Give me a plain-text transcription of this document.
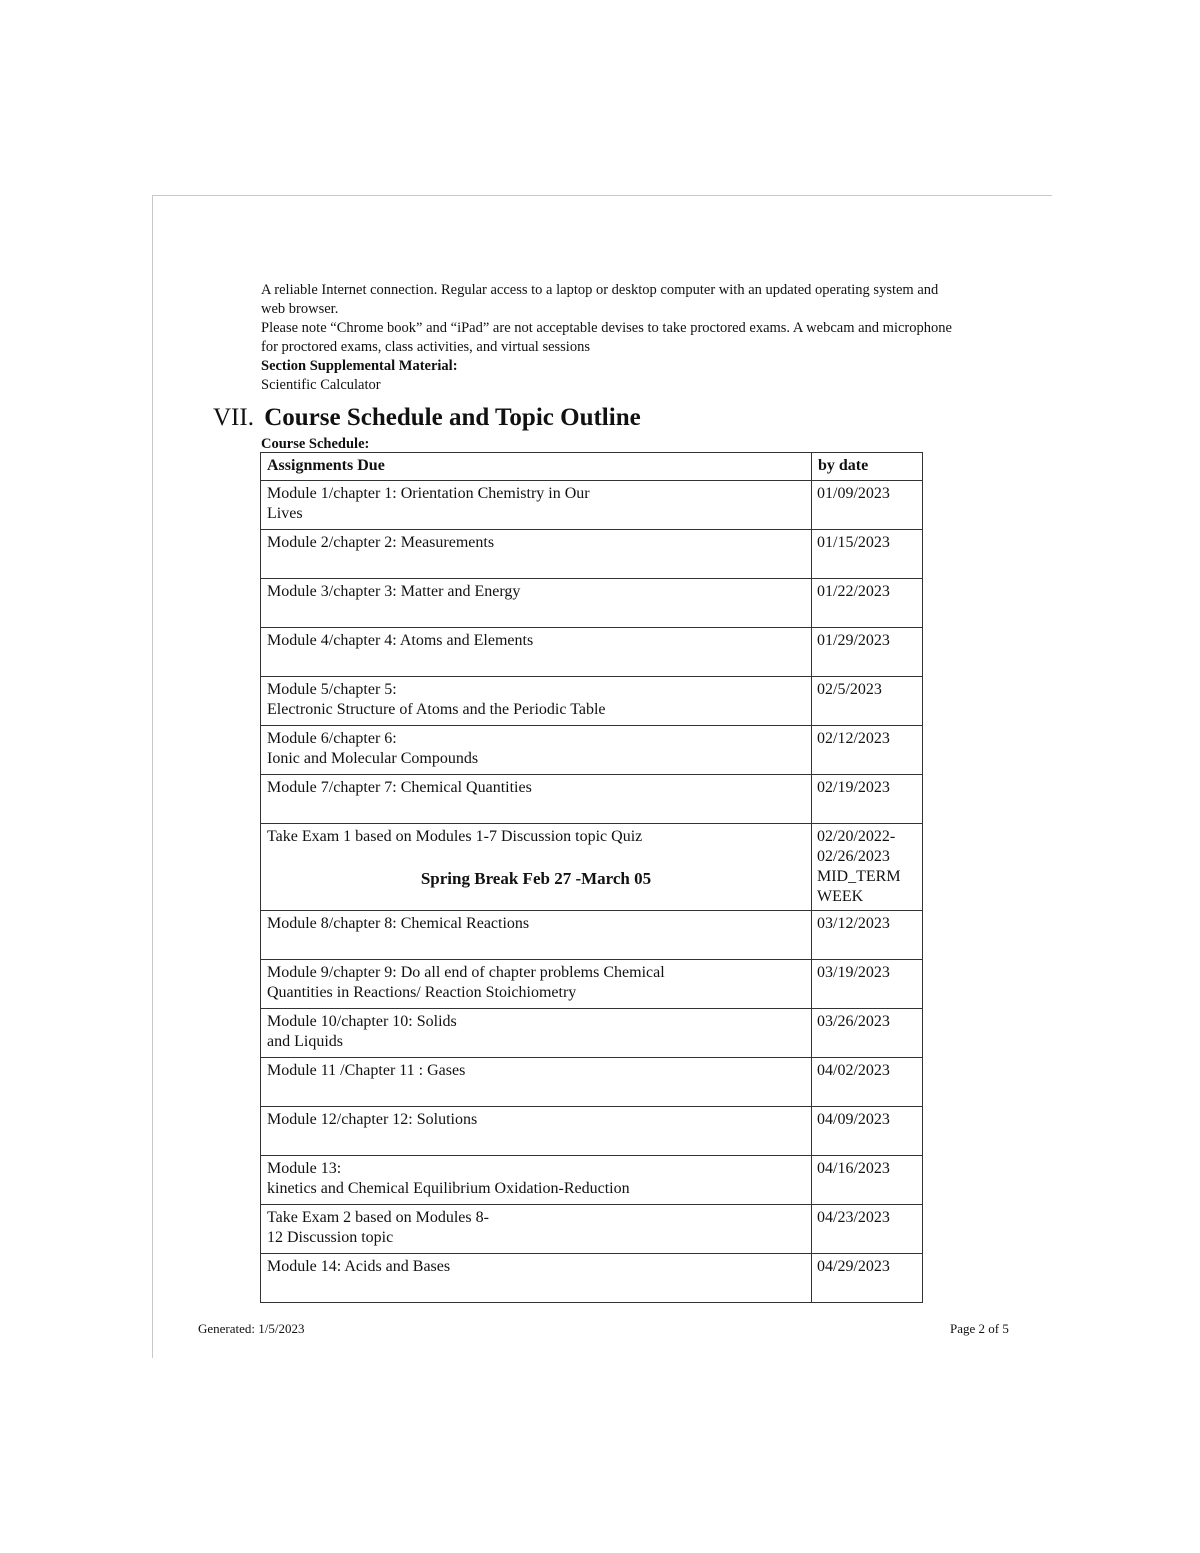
A reliable Internet connection. Regular access to a laptop or desktop computer with an updated operating system and web browser.

Please note “Chrome book” and “iPad” are not acceptable devises to take proctored exams. A webcam and microphone for proctored exams, class activities, and virtual sessions

Section Supplemental Material:

Scientific Calculator

VII. Course Schedule and Topic Outline
Course Schedule:
Assignments Due	by date

Module 1/chapter 1: Orientation Chemistry in Our
Lives	01/09/2023

Module 2/chapter 2: Measurements	01/15/2023

Module 3/chapter 3: Matter and Energy	01/22/2023

Module 4/chapter 4: Atoms and Elements	01/29/2023

Module 5/chapter 5:
Electronic Structure of Atoms and the Periodic Table	02/5/2023

Module 6/chapter 6:
Ionic and Molecular Compounds	02/12/2023

Module 7/chapter 7: Chemical Quantities	02/19/2023

Take Exam 1 based on Modules 1-7 Discussion topic Quiz
Spring Break Feb 27 -March 05	02/20/2022-
02/26/2023
MID_TERM
WEEK

Module 8/chapter 8: Chemical Reactions	03/12/2023

Module 9/chapter 9: Do all end of chapter problems Chemical
Quantities in Reactions/ Reaction Stoichiometry	03/19/2023

Module 10/chapter 10: Solids
and Liquids	03/26/2023

Module 11 /Chapter 11 : Gases	04/02/2023

Module 12/chapter 12: Solutions	04/09/2023

Module 13:
kinetics and Chemical Equilibrium Oxidation-Reduction	04/16/2023

Take Exam 2 based on Modules 8-
12 Discussion topic	04/23/2023

Module 14: Acids and Bases	04/29/2023
Generated: 1/5/2023	Page 2 of 5
